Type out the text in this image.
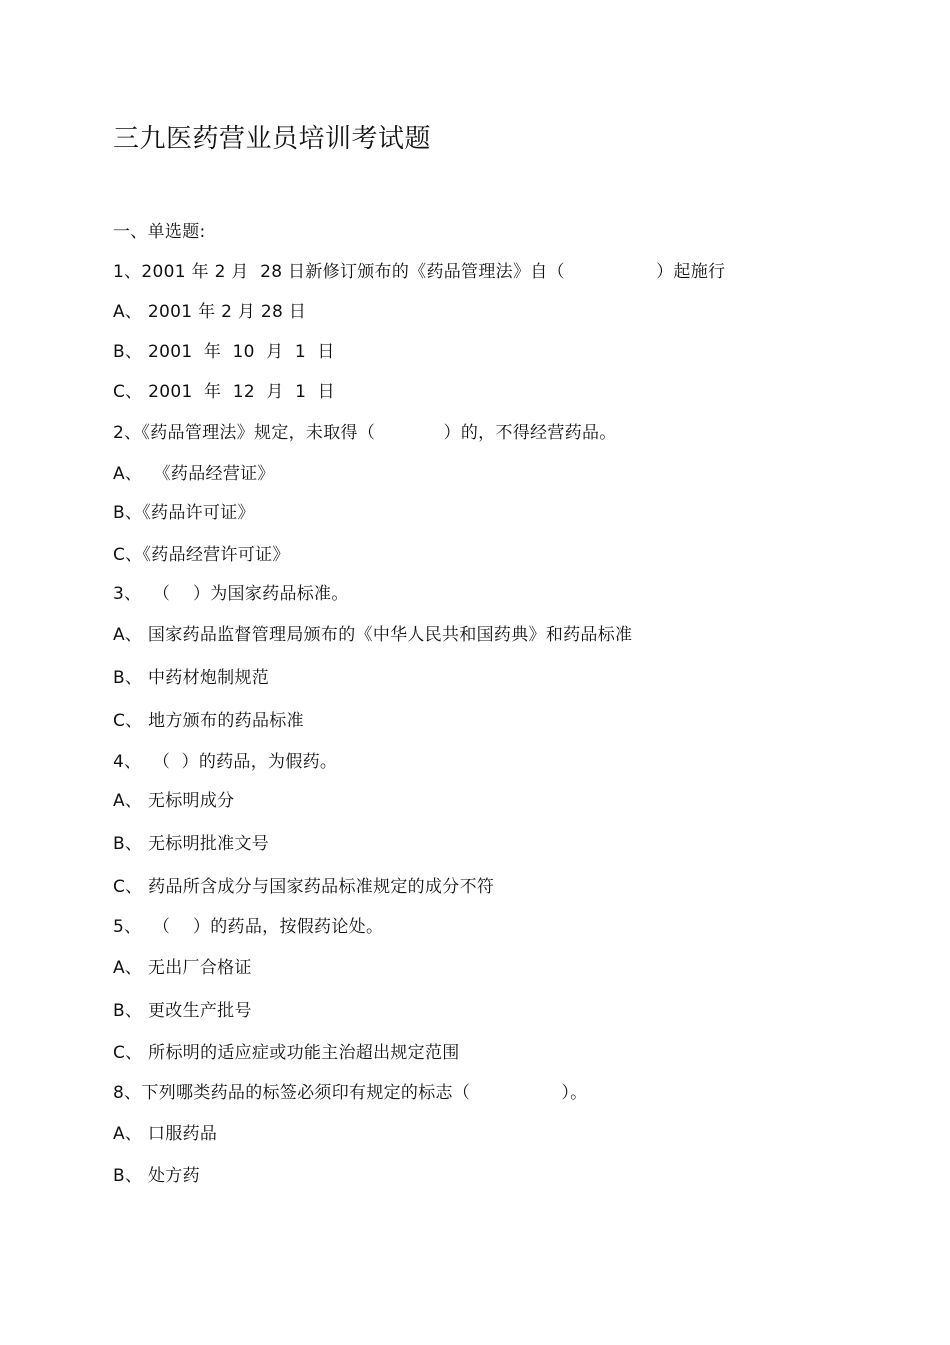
三九医药营业员培训考试题
一、单选题:
1、2001 年 2 月  28 日新修订颁布的《药品管理法》自（                ）起施行
A、 2001 年 2 月 28 日
B、 2001  年  10  月  1  日
C、 2001  年  12  月  1  日
2、《药品管理法》规定，未取得（            ）的，不得经营药品。
A、  《药品经营证》
B、《药品许可证》
C、《药品经营许可证》
3、  （    ）为国家药品标准。
A、 国家药品监督管理局颁布的《中华人民共和国药典》和药品标准
B、 中药材炮制规范
C、 地方颁布的药品标准
4、  （  ）的药品，为假药。
A、 无标明成分
B、 无标明批准文号
C、 药品所含成分与国家药品标准规定的成分不符
5、  （    ）的药品，按假药论处。
A、 无出厂合格证
B、 更改生产批号
C、 所标明的适应症或功能主治超出规定范围
8、下列哪类药品的标签必须印有规定的标志（                ）。
A、 口服药品
B、 处方药
